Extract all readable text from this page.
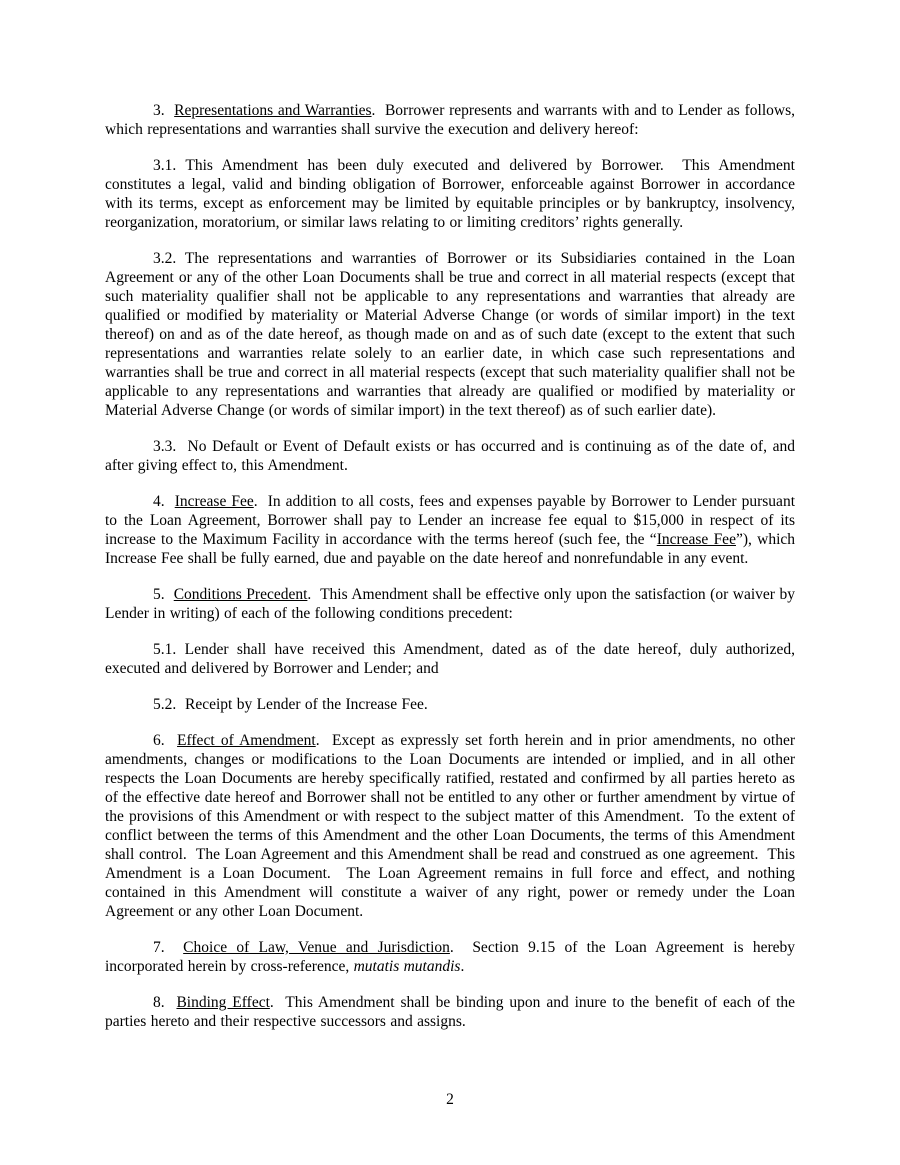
3.  Representations and Warranties.  Borrower represents and warrants with and to Lender as follows, which representations and warranties shall survive the execution and delivery hereof:

3.1. This Amendment has been duly executed and delivered by Borrower.  This Amendment constitutes a legal, valid and binding obligation of Borrower, enforceable against Borrower in accordance with its terms, except as enforcement may be limited by equitable principles or by bankruptcy, insolvency, reorganization, moratorium, or similar laws relating to or limiting creditors’ rights generally.

3.2. The representations and warranties of Borrower or its Subsidiaries contained in the Loan Agreement or any of the other Loan Documents shall be true and correct in all material respects (except that such materiality qualifier shall not be applicable to any representations and warranties that already are qualified or modified by materiality or Material Adverse Change (or words of similar import) in the text thereof) on and as of the date hereof, as though made on and as of such date (except to the extent that such representations and warranties relate solely to an earlier date, in which case such representations and warranties shall be true and correct in all material respects (except that such materiality qualifier shall not be applicable to any representations and warranties that already are qualified or modified by materiality or Material Adverse Change (or words of similar import) in the text thereof) as of such earlier date).

3.3.  No Default or Event of Default exists or has occurred and is continuing as of the date of, and after giving effect to, this Amendment.

4.  Increase Fee.  In addition to all costs, fees and expenses payable by Borrower to Lender pursuant to the Loan Agreement, Borrower shall pay to Lender an increase fee equal to $15,000 in respect of its increase to the Maximum Facility in accordance with the terms hereof (such fee, the “Increase Fee”), which Increase Fee shall be fully earned, due and payable on the date hereof and nonrefundable in any event.

5.  Conditions Precedent.  This Amendment shall be effective only upon the satisfaction (or waiver by Lender in writing) of each of the following conditions precedent:

5.1. Lender shall have received this Amendment, dated as of the date hereof, duly authorized, executed and delivered by Borrower and Lender; and

5.2.  Receipt by Lender of the Increase Fee.

6.  Effect of Amendment.  Except as expressly set forth herein and in prior amendments, no other amendments, changes or modifications to the Loan Documents are intended or implied, and in all other respects the Loan Documents are hereby specifically ratified, restated and confirmed by all parties hereto as of the effective date hereof and Borrower shall not be entitled to any other or further amendment by virtue of the provisions of this Amendment or with respect to the subject matter of this Amendment.  To the extent of conflict between the terms of this Amendment and the other Loan Documents, the terms of this Amendment shall control.  The Loan Agreement and this Amendment shall be read and construed as one agreement.  This Amendment is a Loan Document.  The Loan Agreement remains in full force and effect, and nothing contained in this Amendment will constitute a waiver of any right, power or remedy under the Loan Agreement or any other Loan Document.

7.  Choice of Law, Venue and Jurisdiction.  Section 9.15 of the Loan Agreement is hereby incorporated herein by cross-reference, mutatis mutandis.

8.  Binding Effect.  This Amendment shall be binding upon and inure to the benefit of each of the parties hereto and their respective successors and assigns.

2
